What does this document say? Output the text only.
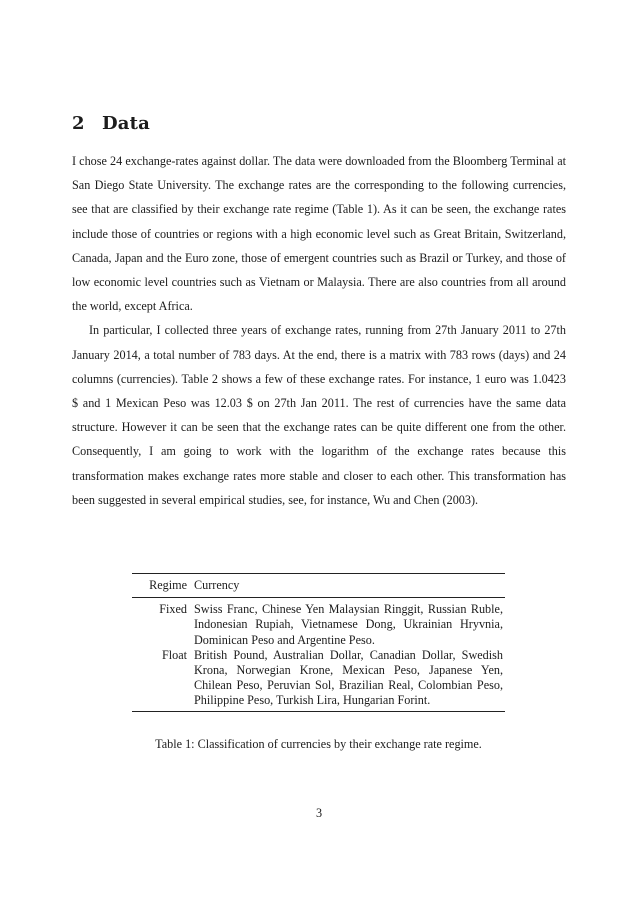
2 Data

I chose 24 exchange-rates against dollar. The data were downloaded from the Bloomberg Terminal at San Diego State University. The exchange rates are the corresponding to the following currencies, see that are classified by their exchange rate regime (Table 1). As it can be seen, the exchange rates include those of countries or regions with a high economic level such as Great Britain, Switzerland, Canada, Japan and the Euro zone, those of emergent countries such as Brazil or Turkey, and those of low economic level countries such as Vietnam or Malaysia. There are also countries from all around the world, except Africa.

In particular, I collected three years of exchange rates, running from 27th January 2011 to 27th January 2014, a total number of 783 days. At the end, there is a matrix with 783 rows (days) and 24 columns (currencies). Table 2 shows a few of these exchange rates. For instance, 1 euro was 1.0423 $ and 1 Mexican Peso was 12.03 $ on 27th Jan 2011. The rest of currencies have the same data structure. However it can be seen that the exchange rates can be quite different one from the other. Consequently, I am going to work with the logarithm of the exchange rates because this transformation makes exchange rates more stable and closer to each other. This transformation has been suggested in several empirical studies, see, for instance, Wu and Chen (2003).

Regime	Currency

Fixed	Swiss Franc, Chinese Yen Malaysian Ringgit, Russian Ruble, Indonesian Rupiah, Vietnamese Dong, Ukrainian Hryvnia, Dominican Peso and Argentine Peso.
Float	British Pound, Australian Dollar, Canadian Dollar, Swedish Krona, Norwegian Krone, Mexican Peso, Japanese Yen, Chilean Peso, Peruvian Sol, Brazilian Real, Colombian Peso, Philippine Peso, Turkish Lira, Hungarian Forint.
Table 1: Classification of currencies by their exchange rate regime.
3
